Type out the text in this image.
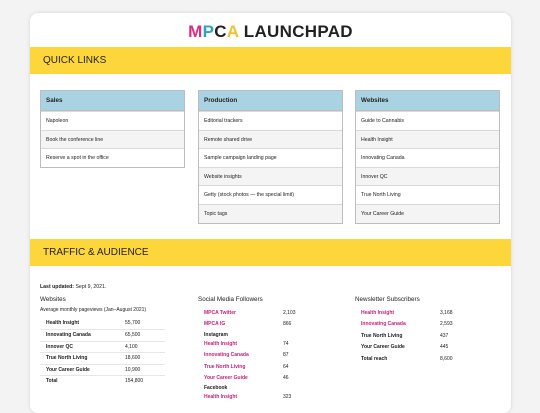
MPCA LAUNCHPAD
QUICK LINKS
Sales
Napoleon
Book the conference line
Reserve a spot in the office
Production
Editorial trackers
Remote shared drive
Sample campaign landing page
Website insights
Getty (stock photos — the special limit)
Topic tags
Websites
Guide to Cannabis
Health Insight
Innovating Canada
Innover QC
True North Living
Your Career Guide
TRAFFIC & AUDIENCE
Last updated: Sept 9, 2021.
Websites
Average monthly pageviews (Jan–August 2021)
Health Insight	55,700
Innovating Canada	65,500
Innover QC	4,100
True North Living	18,600
Your Career Guide	10,900
Total	154,800
Social Media Followers
MPCA Twitter	2,103
MPCA IG	866
Instagram
Health Insight	74
Innovating Canada	87
True North Living	64
Your Career Guide	46
Facebook
Health Insight	323
Newsletter Subscribers
Health Insight	3,168
Innovating Canada	2,593
True North Living	437
Your Career Guide	445
Total reach	8,600
